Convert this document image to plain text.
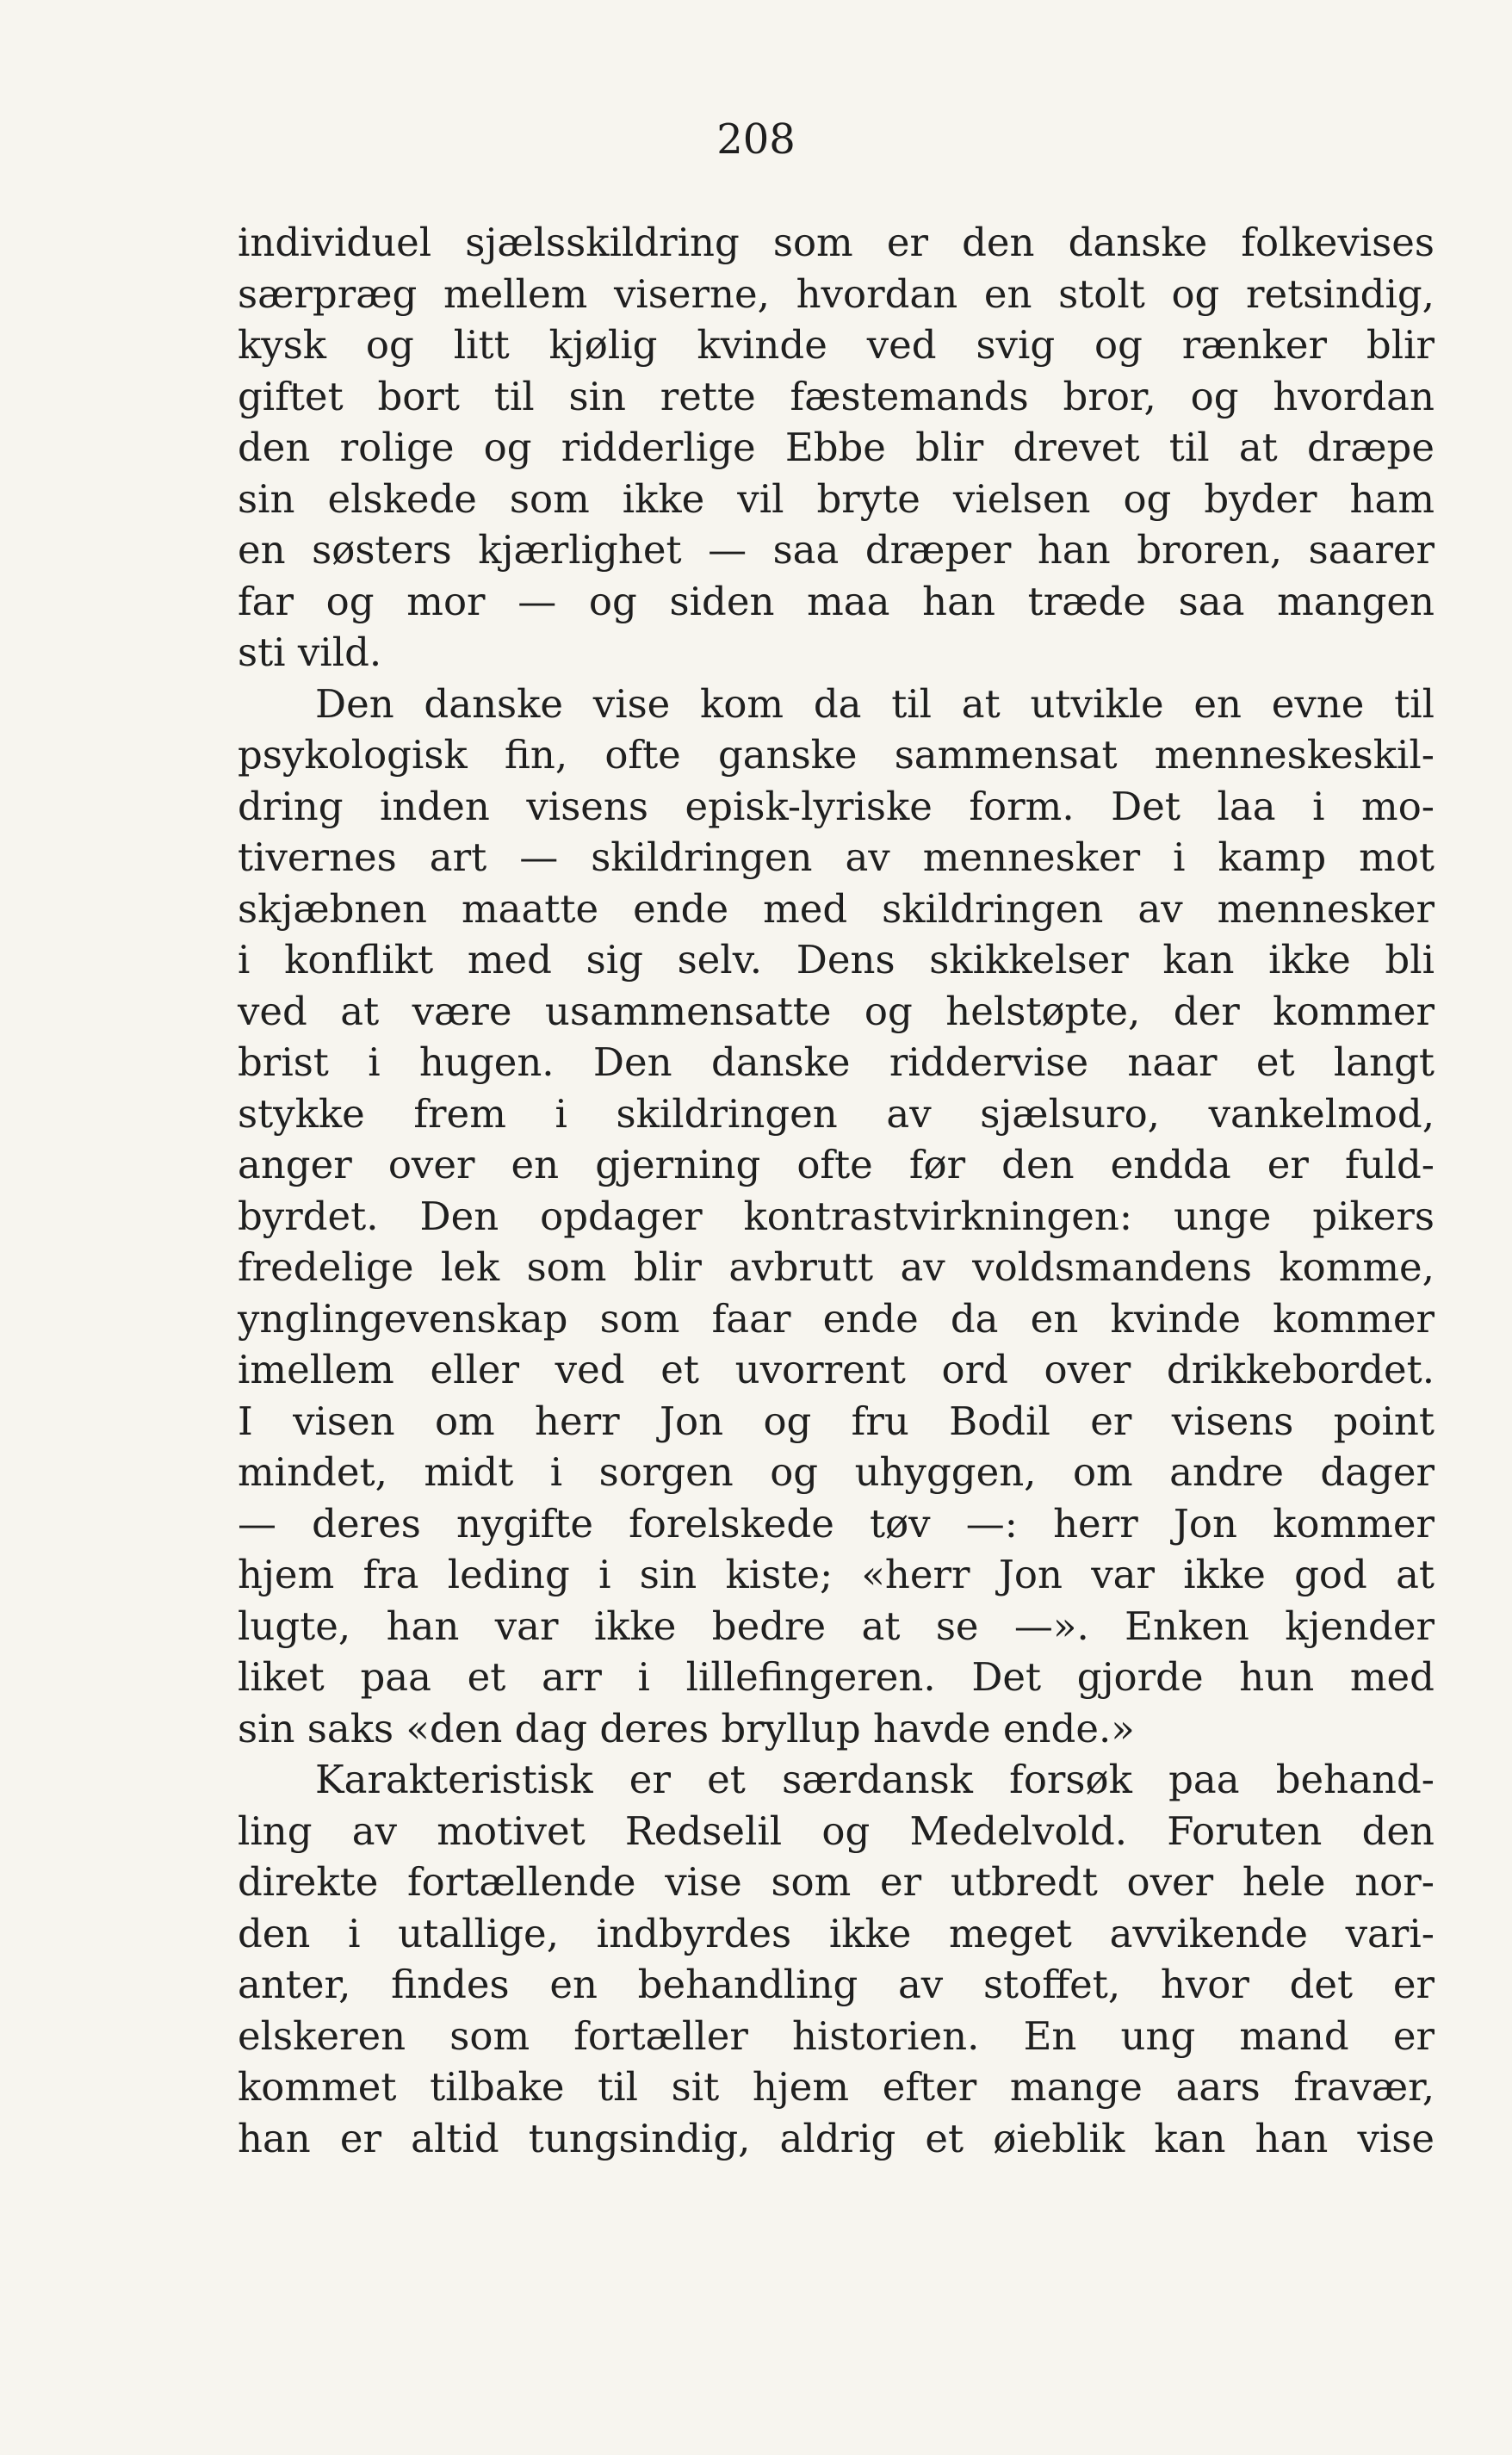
208
individuel sjælsskildring som er den danske folkevises
særpræg mellem viserne, hvordan en stolt og retsindig,
kysk og litt kjølig kvinde ved svig og rænker blir
giftet bort til sin rette fæstemands bror, og hvordan
den rolige og ridderlige Ebbe blir drevet til at dræpe
sin elskede som ikke vil bryte vielsen og byder ham
en søsters kjærlighet — saa dræper han broren, saarer
far og mor — og siden maa han træde saa mangen
sti vild.
Den danske vise kom da til at utvikle en evne til
psykologisk fin, ofte ganske sammensat menneskeskil-
dring inden visens episk-lyriske form. Det laa i mo-
tivernes art — skildringen av mennesker i kamp mot
skjæbnen maatte ende med skildringen av mennesker
i konflikt med sig selv. Dens skikkelser kan ikke bli
ved at være usammensatte og helstøpte, der kommer
brist i hugen. Den danske riddervise naar et langt
stykke frem i skildringen av sjælsuro, vankelmod,
anger over en gjerning ofte før den endda er fuld-
byrdet. Den opdager kontrastvirkningen: unge pikers
fredelige lek som blir avbrutt av voldsmandens komme,
ynglingevenskap som faar ende da en kvinde kommer
imellem eller ved et uvorrent ord over drikkebordet.
I visen om herr Jon og fru Bodil er visens point
mindet, midt i sorgen og uhyggen, om andre dager
— deres nygifte forelskede tøv —: herr Jon kommer
hjem fra leding i sin kiste; «herr Jon var ikke god at
lugte, han var ikke bedre at se —». Enken kjender
liket paa et arr i lillefingeren. Det gjorde hun med
sin saks «den dag deres bryllup havde ende.»
Karakteristisk er et særdansk forsøk paa behand-
ling av motivet Redselil og Medelvold. Foruten den
direkte fortællende vise som er utbredt over hele nor-
den i utallige, indbyrdes ikke meget avvikende vari-
anter, findes en behandling av stoffet, hvor det er
elskeren som fortæller historien. En ung mand er
kommet tilbake til sit hjem efter mange aars fravær,
han er altid tungsindig, aldrig et øieblik kan han vise
